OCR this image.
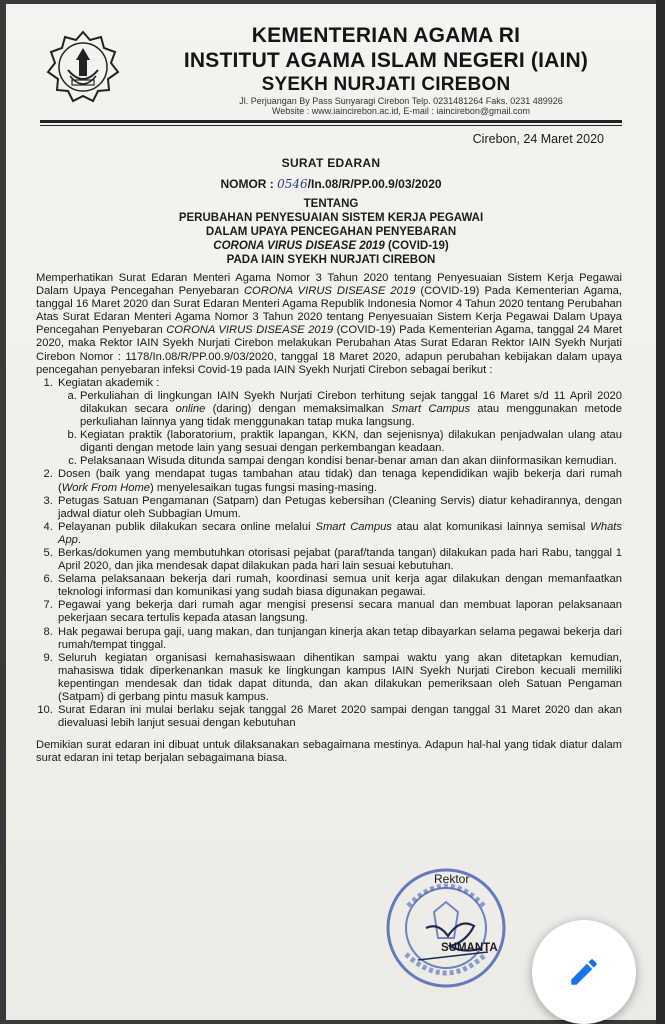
KEMENTERIAN AGAMA RI
INSTITUT AGAMA ISLAM NEGERI (IAIN)
SYEKH NURJATI CIREBON
Jl. Perjuangan By Pass Sunyaragi Cirebon Telp. 0231481264 Faks. 0231 489926
Website : www.iaincirebon.ac.id, E-mail : iaincirebon@gmail.com
Cirebon, 24 Maret 2020
SURAT EDARAN
NOMOR : 0546/In.08/R/PP.00.9/03/2020
TENTANG
PERUBAHAN PENYESUAIAN SISTEM KERJA PEGAWAI
DALAM UPAYA PENCEGAHAN PENYEBARAN
CORONA VIRUS DISEASE 2019 (COVID-19)
PADA IAIN SYEKH NURJATI CIREBON

Memperhatikan Surat Edaran Menteri Agama Nomor 3 Tahun 2020 tentang Penyesuaian Sistem Kerja Pegawai Dalam Upaya Pencegahan Penyebaran CORONA VIRUS DISEASE 2019 (COVID-19) Pada Kementerian Agama, tanggal 16 Maret 2020 dan Surat Edaran Menteri Agama Republik Indonesia Nomor 4 Tahun 2020 tentang Perubahan Atas Surat Edaran Menteri Agama Nomor 3 Tahun 2020 tentang Penyesuaian Sistem Kerja Pegawai Dalam Upaya Pencegahan Penyebaran CORONA VIRUS DISEASE 2019 (COVID-19) Pada Kementerian Agama, tanggal 24 Maret 2020, maka Rektor IAIN Syekh Nurjati Cirebon melakukan Perubahan Atas Surat Edaran Rektor IAIN Syekh Nurjati Cirebon Nomor : 1178/In.08/R/PP.00.9/03/2020, tanggal 18 Maret 2020, adapun perubahan kebijakan dalam upaya pencegahan penyebaran infeksi Covid-19 pada IAIN Syekh Nurjati Cirebon sebagai berikut :

1. Kegiatan akademik :
a. Perkuliahan di lingkungan IAIN Syekh Nurjati Cirebon terhitung sejak tanggal 16 Maret s/d 11 April 2020 dilakukan secara online (daring) dengan memaksimalkan Smart Campus atau menggunakan metode perkuliahan lainnya yang tidak menggunakan tatap muka langsung.
b. Kegiatan praktik (laboratorium, praktik lapangan, KKN, dan sejenisnya) dilakukan penjadwalan ulang atau diganti dengan metode lain yang sesuai dengan perkembangan keadaan.
c. Pelaksanaan Wisuda ditunda sampai dengan kondisi benar-benar aman dan akan diinformasikan kemudian.
2. Dosen (baik yang mendapat tugas tambahan atau tidak) dan tenaga kependidikan wajib bekerja dari rumah (Work From Home) menyelesaikan tugas fungsi masing-masing.
3. Petugas Satuan Pengamanan (Satpam) dan Petugas kebersihan (Cleaning Servis) diatur kehadirannya, dengan jadwal diatur oleh Subbagian Umum.
4. Pelayanan publik dilakukan secara online melalui Smart Campus atau alat komunikasi lainnya semisal Whats App.
5. Berkas/dokumen yang membutuhkan otorisasi pejabat (paraf/tanda tangan) dilakukan pada hari Rabu, tanggal 1 April 2020, dan jika mendesak dapat dilakukan pada hari lain sesuai kebutuhan.
6. Selama pelaksanaan bekerja dari rumah, koordinasi semua unit kerja agar dilakukan dengan memanfaatkan teknologi informasi dan komunikasi yang sudah biasa digunakan pegawai.
7. Pegawai yang bekerja dari rumah agar mengisi presensi secara manual dan membuat laporan pelaksanaan pekerjaan secara tertulis kepada atasan langsung.
8. Hak pegawai berupa gaji, uang makan, dan tunjangan kinerja akan tetap dibayarkan selama pegawai bekerja dari rumah/tempat tinggal.
9. Seluruh kegiatan organisasi kemahasiswaan dihentikan sampai waktu yang akan ditetapkan kemudian, mahasiswa tidak diperkenankan masuk ke lingkungan kampus IAIN Syekh Nurjati Cirebon kecuali memiliki kepentingan mendesak dan tidak dapat ditunda, dan akan dilakukan pemeriksaan oleh Satuan Pengaman (Satpam) di gerbang pintu masuk kampus.
10. Surat Edaran ini mulai berlaku sejak tanggal 26 Maret 2020 sampai dengan tanggal 31 Maret 2020 dan akan dievaluasi lebih lanjut sesuai dengan kebutuhan

Demikian surat edaran ini dibuat untuk dilaksanakan sebagaimana mestinya. Adapun hal-hal yang tidak diatur dalam surat edaran ini tetap berjalan sebagaimana biasa.

Rektor
SUMANTA
